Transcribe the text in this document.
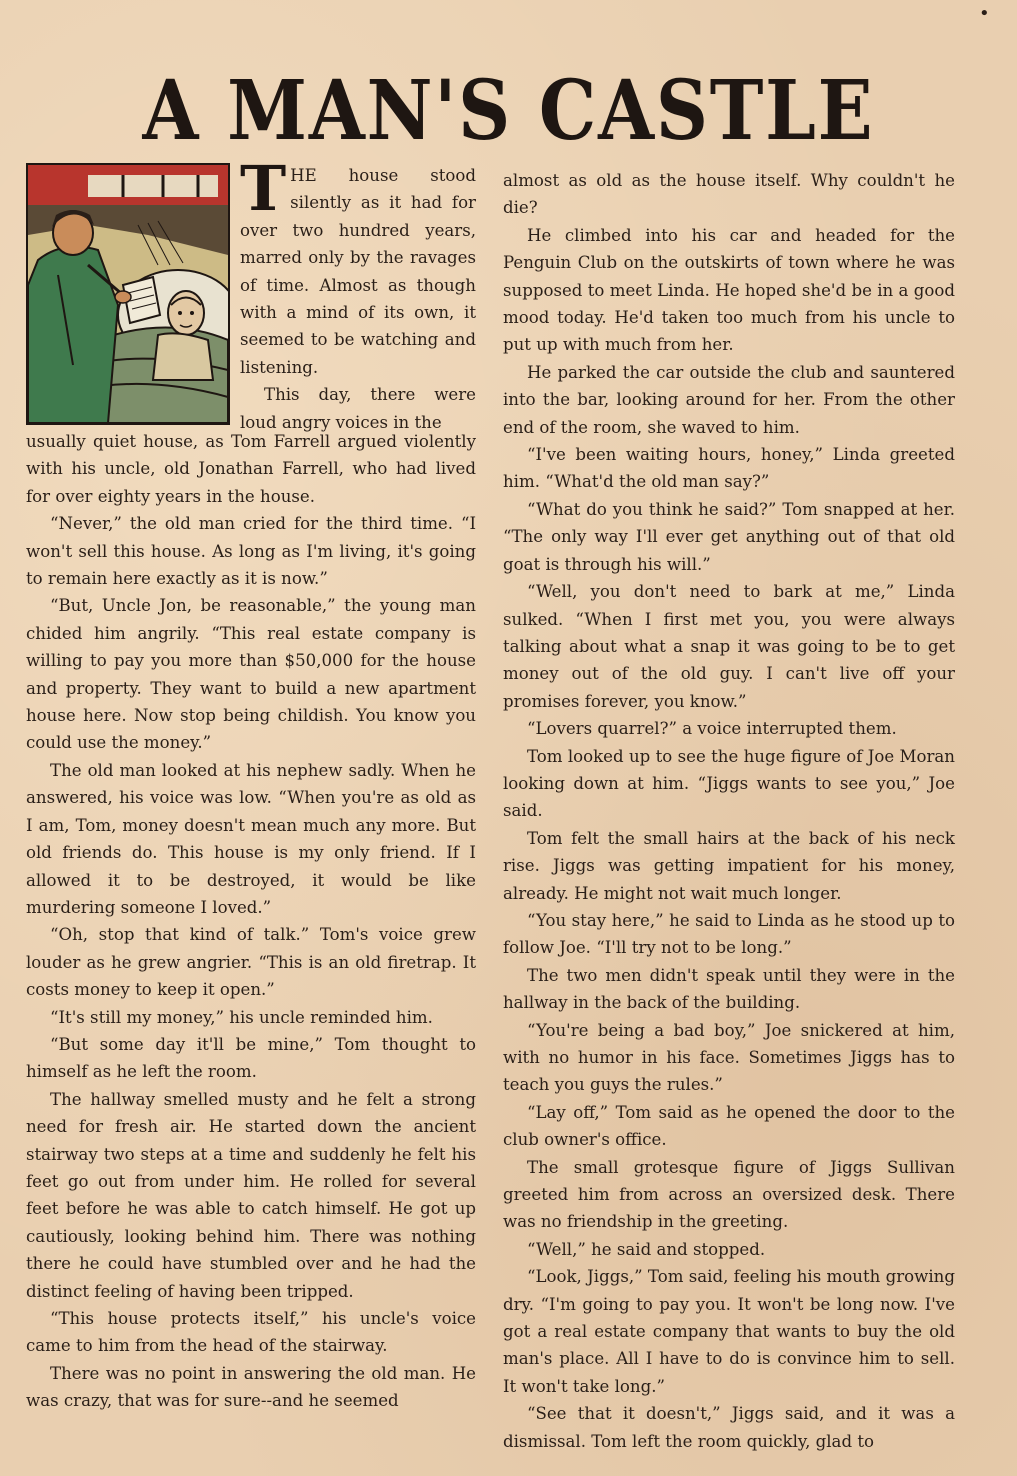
•
A MAN'S CASTLE

THE house stood silently as it had for over two hundred years, marred only by the ravages of time. Almost as though with a mind of its own, it seemed to be watching and listening.

This day, there were loud angry voices in the

usually quiet house, as Tom Farrell argued violently with his uncle, old Jonathan Farrell, who had lived for over eighty years in the house.

“Never,” the old man cried for the third time. “I won't sell this house. As long as I'm living, it's going to remain here exactly as it is now.”

“But, Uncle Jon, be reasonable,” the young man chided him angrily. “This real estate company is willing to pay you more than $50,000 for the house and property. They want to build a new apartment house here. Now stop being childish. You know you could use the money.”

The old man looked at his nephew sadly. When he answered, his voice was low. “When you're as old as I am, Tom, money doesn't mean much any more. But old friends do. This house is my only friend. If I allowed it to be destroyed, it would be like murdering someone I loved.”

“Oh, stop that kind of talk.” Tom's voice grew louder as he grew angrier. “This is an old firetrap. It costs money to keep it open.”

“It's still my money,” his uncle reminded him.

“But some day it'll be mine,” Tom thought to himself as he left the room.

The hallway smelled musty and he felt a strong need for fresh air. He started down the ancient stairway two steps at a time and suddenly he felt his feet go out from under him. He rolled for several feet before he was able to catch himself. He got up cautiously, looking behind him. There was nothing there he could have stumbled over and he had the distinct feeling of having been tripped.

“This house protects itself,” his uncle's voice came to him from the head of the stairway.

There was no point in answering the old man. He was crazy, that was for sure--and he seemed

almost as old as the house itself. Why couldn't he die?

He climbed into his car and headed for the Penguin Club on the outskirts of town where he was supposed to meet Linda. He hoped she'd be in a good mood today. He'd taken too much from his uncle to put up with much from her.

He parked the car outside the club and sauntered into the bar, looking around for her. From the other end of the room, she waved to him.

“I've been waiting hours, honey,” Linda greeted him. “What'd the old man say?”

“What do you think he said?” Tom snapped at her. “The only way I'll ever get anything out of that old goat is through his will.”

“Well, you don't need to bark at me,” Linda sulked. “When I first met you, you were always talking about what a snap it was going to be to get money out of the old guy. I can't live off your promises forever, you know.”

“Lovers quarrel?” a voice interrupted them.

Tom looked up to see the huge figure of Joe Moran looking down at him. “Jiggs wants to see you,” Joe said.

Tom felt the small hairs at the back of his neck rise. Jiggs was getting impatient for his money, already. He might not wait much longer.

“You stay here,” he said to Linda as he stood up to follow Joe. “I'll try not to be long.”

The two men didn't speak until they were in the hallway in the back of the building.

“You're being a bad boy,” Joe snickered at him, with no humor in his face. Sometimes Jiggs has to teach you guys the rules.”

“Lay off,” Tom said as he opened the door to the club owner's office.

The small grotesque figure of Jiggs Sullivan greeted him from across an oversized desk. There was no friendship in the greeting.

“Well,” he said and stopped.

“Look, Jiggs,” Tom said, feeling his mouth growing dry. “I'm going to pay you. It won't be long now. I've got a real estate company that wants to buy the old man's place. All I have to do is convince him to sell. It won't take long.”

“See that it doesn't,” Jiggs said, and it was a dismissal. Tom left the room quickly, glad to
